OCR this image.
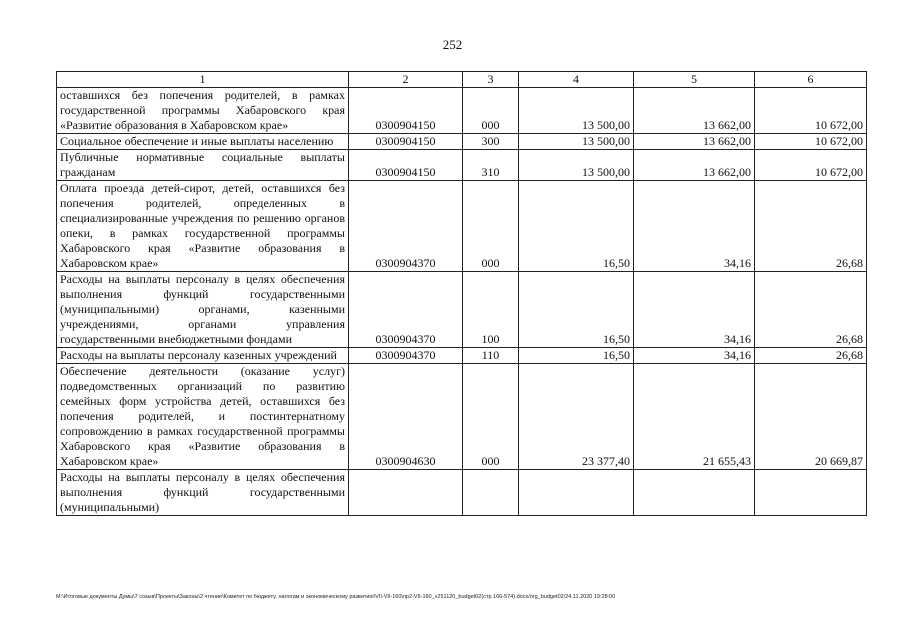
252
1	2	3	4	5	6
оставшихся без попечения родителей, в рамках государственной программы Хабаровского края «Развитие образования в Хабаровском крае»	0300904150	000	13 500,00	13 662,00	10 672,00
Социальное обеспечение и иные выплаты населению	0300904150	300	13 500,00	13 662,00	10 672,00
Публичные нормативные социальные выплаты гражданам	0300904150	310	13 500,00	13 662,00	10 672,00
Оплата проезда детей-сирот, детей, оставшихся без попечения родителей, определенных в специализированные учреждения по решению органов опеки, в рамках государственной программы Хабаровского края «Развитие образования в Хабаровском крае»	0300904370	000	16,50	34,16	26,68
Расходы на выплаты персоналу в целях обеспечения выполнения функций государственными (муниципальными) органами, казенными учреждениями, органами управления государственными внебюджетными фондами	0300904370	100	16,50	34,16	26,68
Расходы на выплаты персоналу казенных учреждений	0300904370	110	16,50	34,16	26,68
Обеспечение деятельности (оказание услуг) подведомственных организаций по развитию семейных форм устройства детей, оставшихся без попечения родителей, и постинтернатному сопровождению в рамках государственной программы Хабаровского края «Развитие образования в Хабаровском крае»	0300904630	000	23 377,40	21 655,43	20 669,87
Расходы на выплаты персоналу в целях обеспечения выполнения функций государственными (муниципальными)					
M:\Итоговые документы Думы\7 созыв\Проекты\Законы\2 чтение\Комитет по бюджету, налогам и экономическому развитию\VII-VII-160\пр2-VII-160_v251120_budget02(стр 166-574).docx/org_budget02/24.11.2020 19:28:00
